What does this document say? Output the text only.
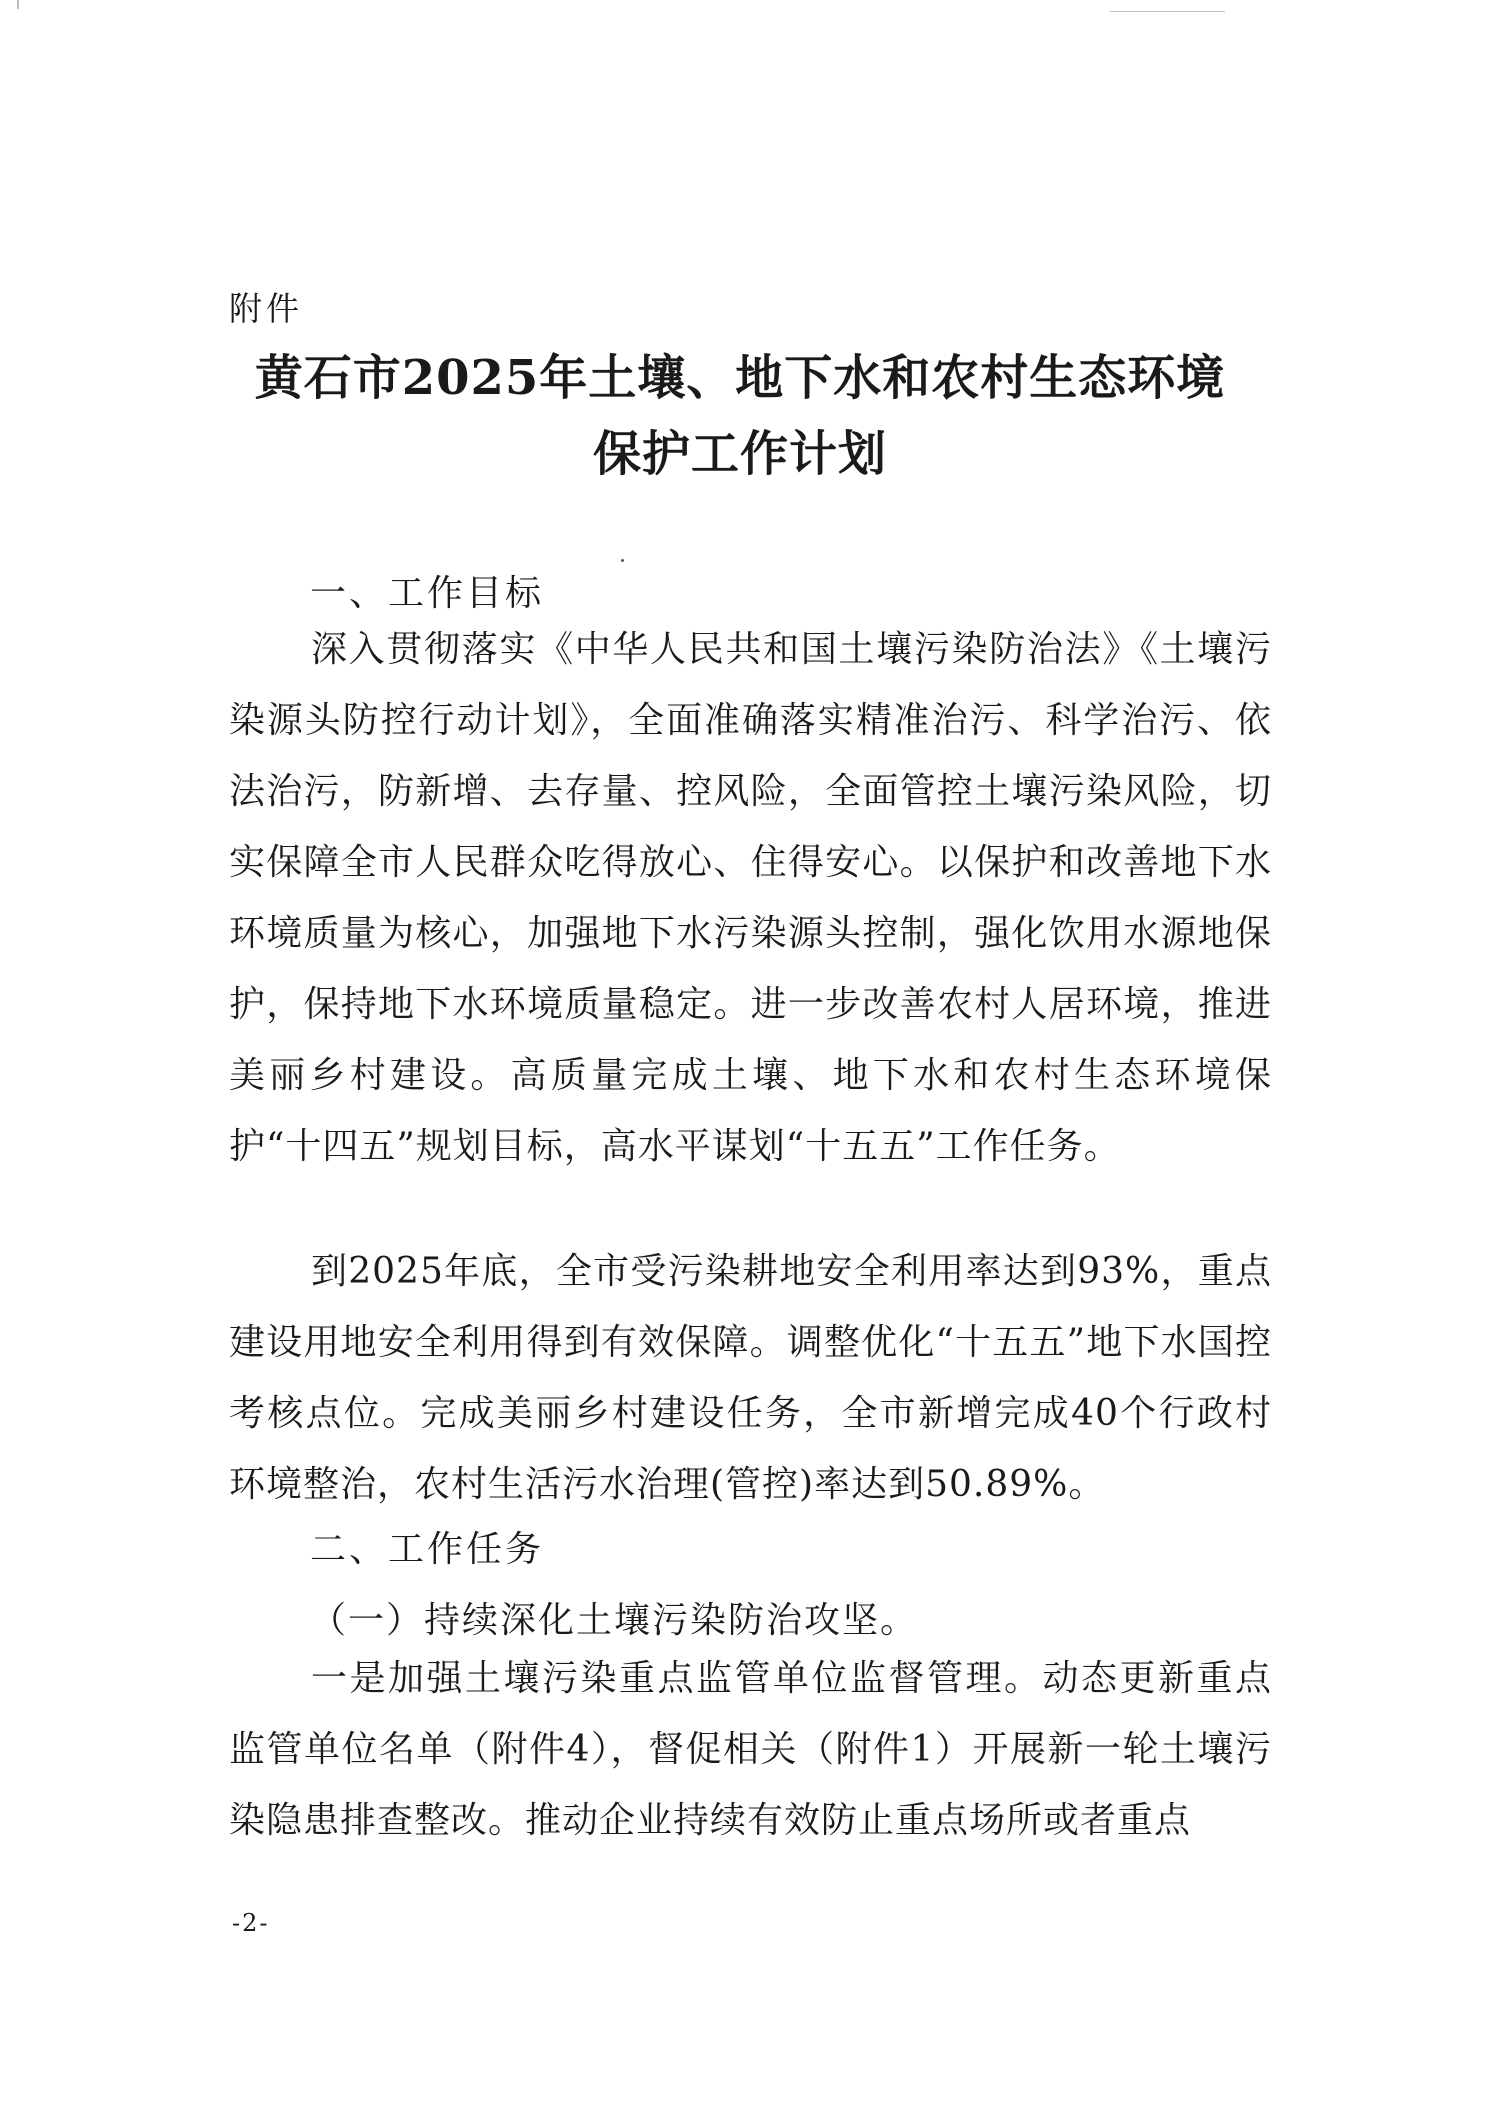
附件
黄石市2025年土壤、地下水和农村生态环境
保护工作计划
一、工作目标
深入贯彻落实《中华人民共和国土壤污染防治法》《土壤污染源头防控行动计划》，全面准确落实精准治污、科学治污、依法治污，防新增、去存量、控风险，全面管控土壤污染风险，切实保障全市人民群众吃得放心、住得安心。以保护和改善地下水环境质量为核心，加强地下水污染源头控制，强化饮用水源地保护，保持地下水环境质量稳定。进一步改善农村人居环境，推进美丽乡村建设。高质量完成土壤、地下水和农村生态环境保护“十四五”规划目标，高水平谋划“十五五”工作任务。
到2025年底，全市受污染耕地安全利用率达到93%，重点建设用地安全利用得到有效保障。调整优化“十五五”地下水国控考核点位。完成美丽乡村建设任务，全市新增完成40个行政村环境整治，农村生活污水治理(管控)率达到50.89%。
二、工作任务
（一）持续深化土壤污染防治攻坚。
一是加强土壤污染重点监管单位监督管理。动态更新重点监管单位名单（附件4），督促相关（附件1）开展新一轮土壤污染隐患排查整改。推动企业持续有效防止重点场所或者重点
-2-
